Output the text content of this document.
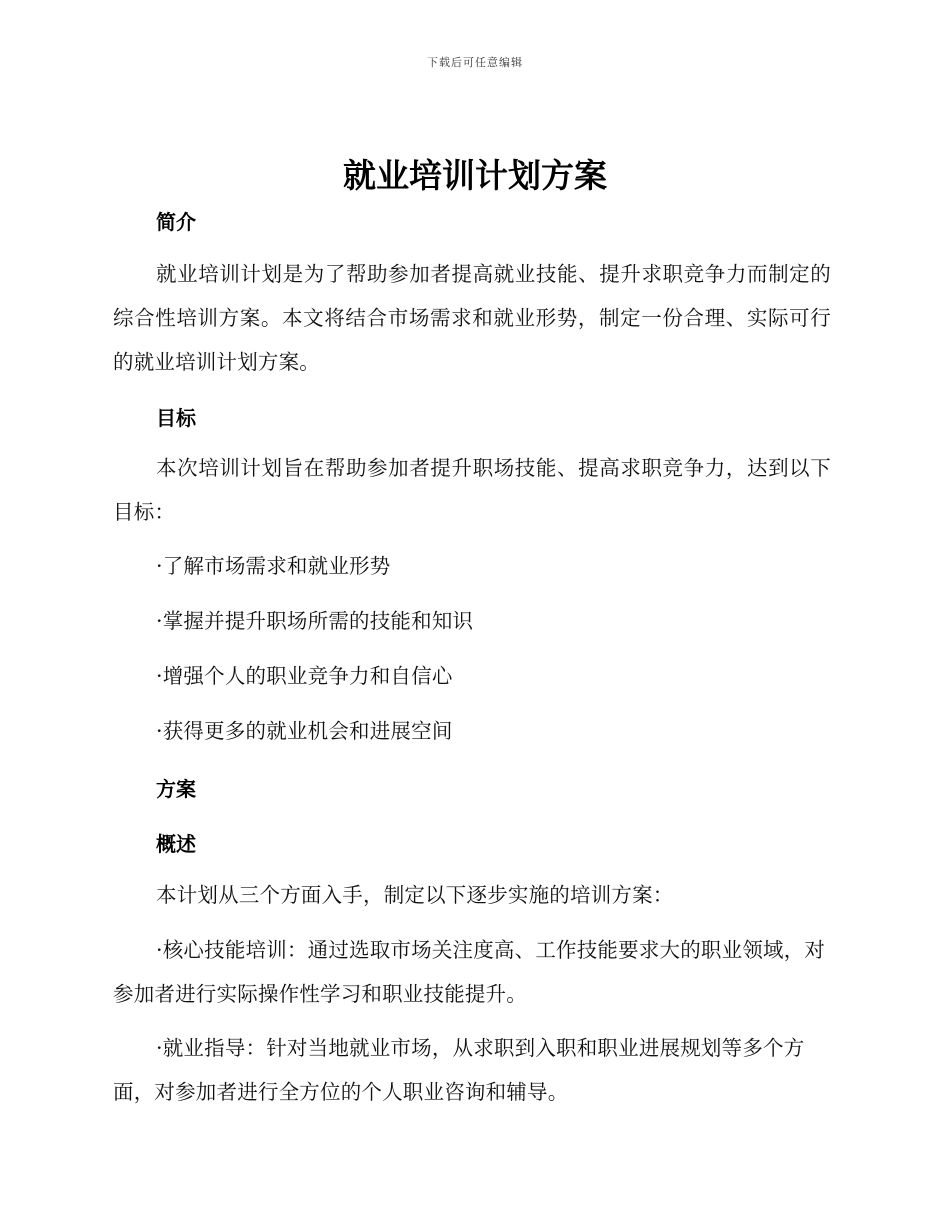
下载后可任意编辑
就业培训计划方案
简介

就业培训计划是为了帮助参加者提高就业技能、提升求职竞争力而制定的综合性培训方案。本文将结合市场需求和就业形势，制定一份合理、实际可行的就业培训计划方案。

目标

本次培训计划旨在帮助参加者提升职场技能、提高求职竞争力，达到以下目标：

·了解市场需求和就业形势

·掌握并提升职场所需的技能和知识

·增强个人的职业竞争力和自信心

·获得更多的就业机会和进展空间

方案
概述

本计划从三个方面入手，制定以下逐步实施的培训方案：

·核心技能培训：通过选取市场关注度高、工作技能要求大的职业领域，对参加者进行实际操作性学习和职业技能提升。

·就业指导：针对当地就业市场，从求职到入职和职业进展规划等多个方面，对参加者进行全方位的个人职业咨询和辅导。
